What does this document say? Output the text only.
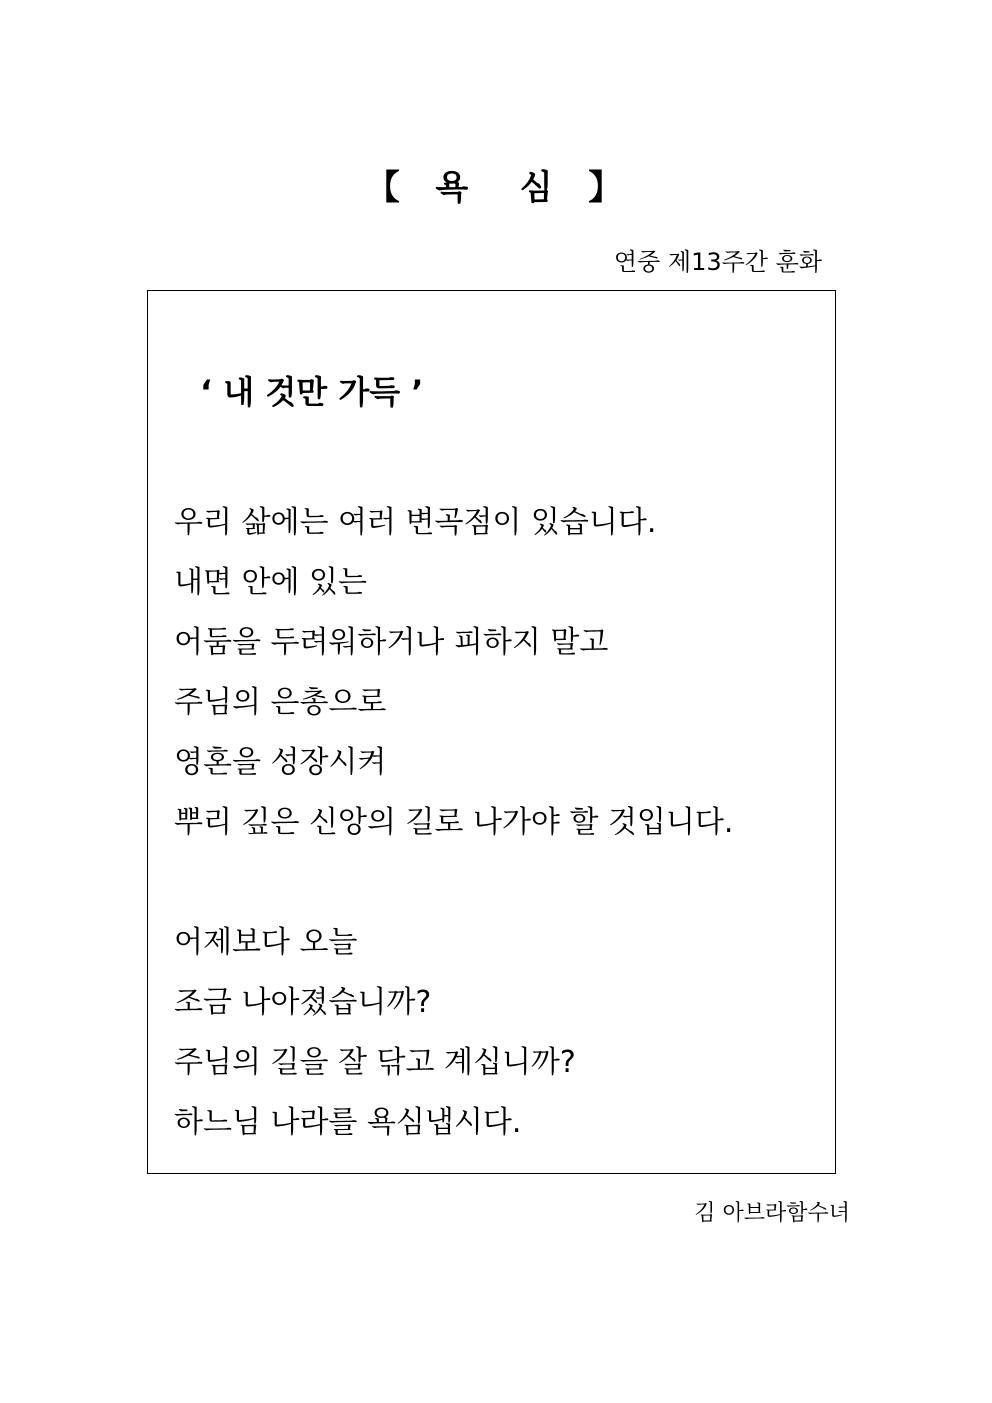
【  욕   심  】
연중 제13주간 훈화
‘ 내 것만 가득 ’
우리 삶에는 여러 변곡점이 있습니다.
내면 안에 있는
어둠을 두려워하거나 피하지 말고
주님의 은총으로
영혼을 성장시켜
뿌리 깊은 신앙의 길로 나가야 할 것입니다.
어제보다 오늘
조금 나아졌습니까?
주님의 길을 잘 닦고 계십니까?
하느님 나라를 욕심냅시다.
김 아브라함수녀
